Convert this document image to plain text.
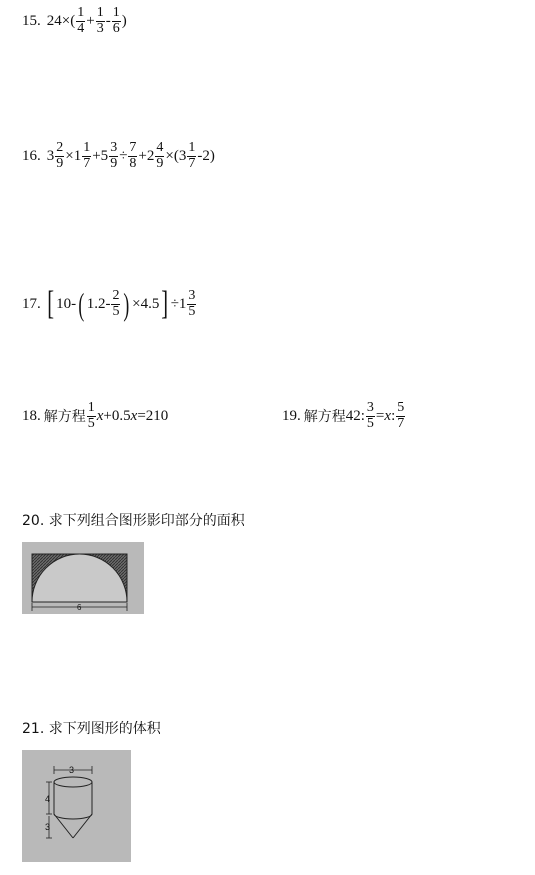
15. 24 ×( $\frac{1}{4} + \frac{1}{3} - \frac{1}{6}$ )
16. $3 \frac{2}{9} \times 1 \frac{1}{7} +5 \frac{3}{9} \div \frac{7}{8} +2 \frac{4}{9} \times(3 \frac{1}{7} -2)$
17. [ 10- ( $1.2- \frac{2}{5}$ ) ×4.5 ] $\div 1 \frac{3}{5}$
18. 解方程 $\frac{1}{5}$ x +0.5 x =210	19. 解方程 42: $\frac{3}{5} = x$ : $\frac{5}{7}$
20. 求下列组合图形影印部分的面积
6
21. 求下列图形的体积
3
4
3
